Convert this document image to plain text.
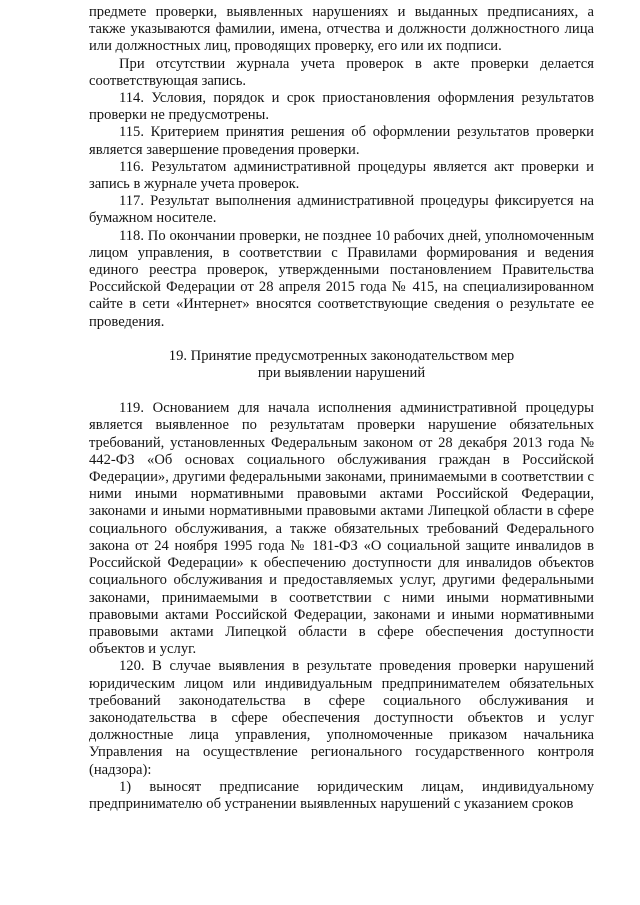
предмете проверки, выявленных нарушениях и выданных предписаниях, а также указываются фамилии, имена, отчества и должности должностного лица или должностных лиц, проводящих проверку, его или их подписи.

При отсутствии журнала учета проверок в акте проверки делается соответствующая запись.

114. Условия, порядок и срок приостановления оформления результатов проверки не предусмотрены.

115. Критерием принятия решения об оформлении результатов проверки является завершение проведения проверки.

116. Результатом административной процедуры является акт проверки и запись в журнале учета проверок.

117. Результат выполнения административной процедуры фиксируется на бумажном носителе.

118. По окончании проверки, не позднее 10 рабочих дней, уполномоченным лицом управления, в соответствии с Правилами формирования и ведения единого реестра проверок, утвержденными постановлением Правительства Российской Федерации от 28 апреля 2015 года № 415, на специализированном сайте в сети «Интернет» вносятся соответствующие сведения о результате ее проведения.

19. Принятие предусмотренных законодательством мер
при выявлении нарушений

119. Основанием для начала исполнения административной процедуры является выявленное по результатам проверки нарушение обязательных требований, установленных Федеральным законом от 28 декабря 2013 года № 442-ФЗ «Об основах социального обслуживания граждан в Российской Федерации», другими федеральными законами, принимаемыми в соответствии с ними иными нормативными правовыми актами Российской Федерации, законами и иными нормативными правовыми актами Липецкой области в сфере социального обслуживания, а также обязательных требований Федерального закона от 24 ноября 1995 года № 181-ФЗ «О социальной защите инвалидов в Российской Федерации» к обеспечению доступности для инвалидов объектов социального обслуживания и предоставляемых услуг, другими федеральными законами, принимаемыми в соответствии с ними иными нормативными правовыми актами Российской Федерации, законами и иными нормативными правовыми актами Липецкой области в сфере обеспечения доступности объектов и услуг.

120. В случае выявления в результате проведения проверки нарушений юридическим лицом или индивидуальным предпринимателем обязательных требований законодательства в сфере социального обслуживания и законодательства в сфере обеспечения доступности объектов и услуг должностные лица управления, уполномоченные приказом начальника Управления на осуществление регионального государственного контроля (надзора):

1) выносят предписание юридическим лицам, индивидуальному предпринимателю об устранении выявленных нарушений с указанием сроков
